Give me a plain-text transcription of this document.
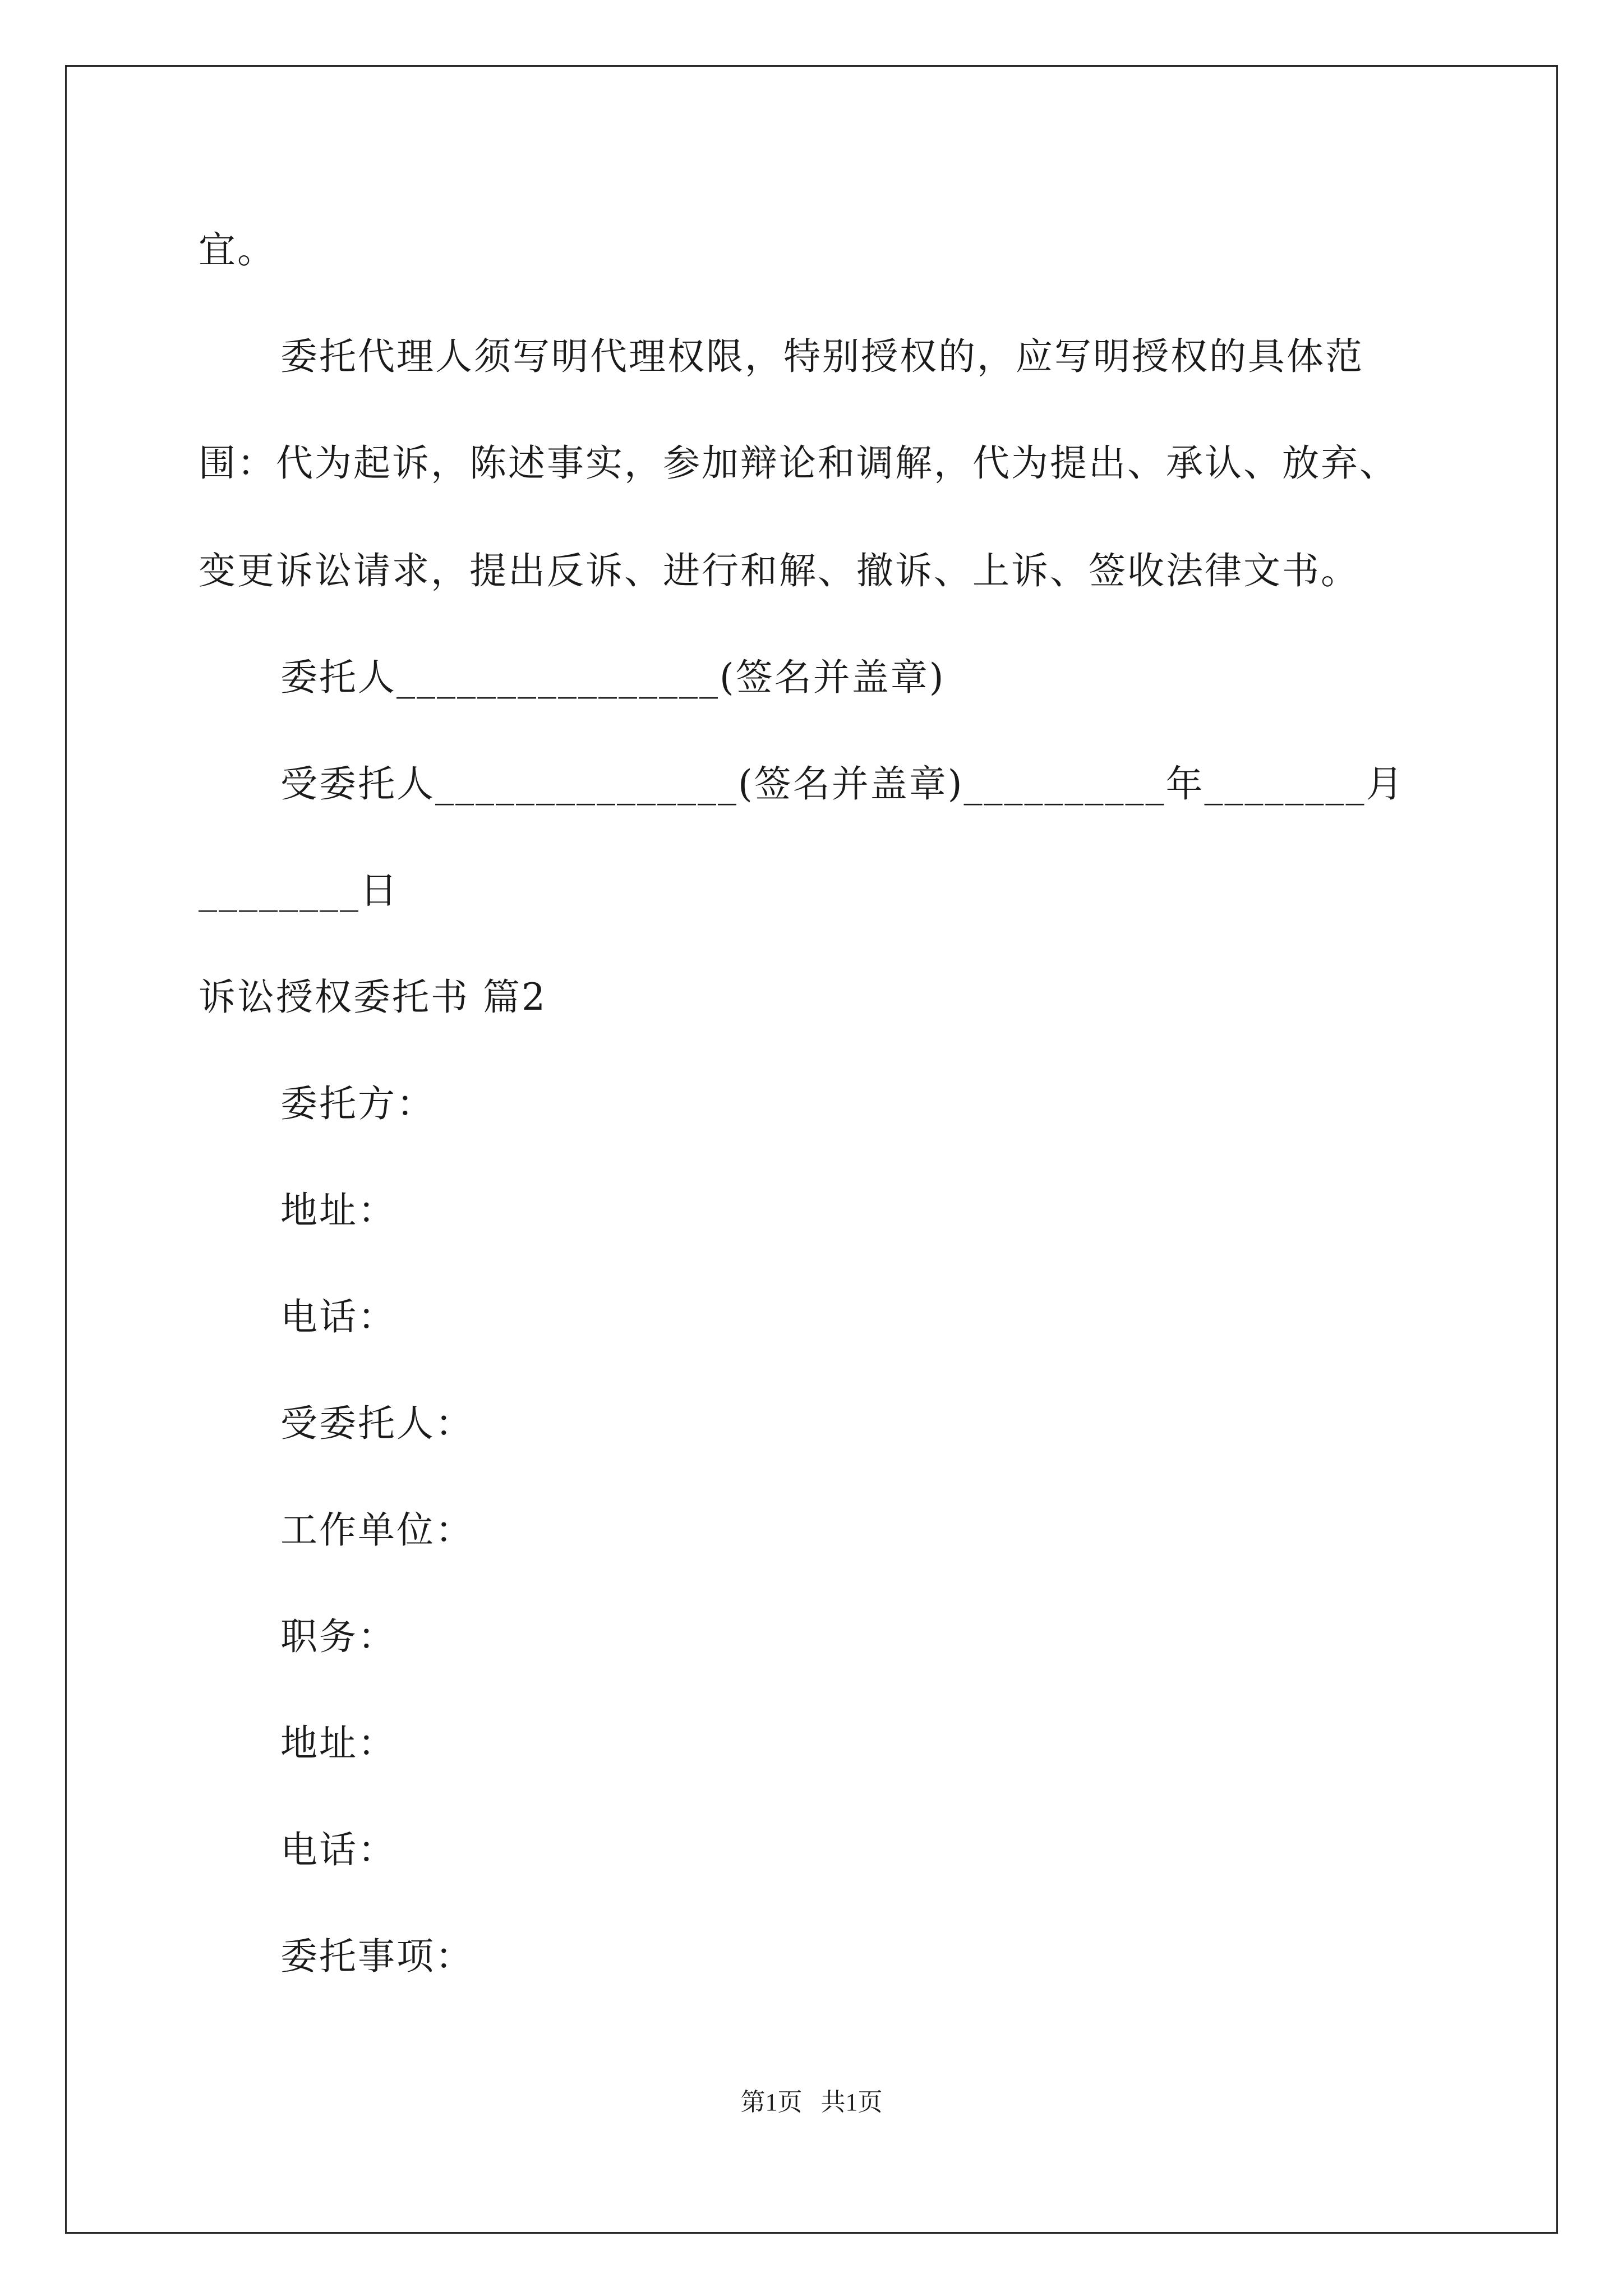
宜。
委托代理人须写明代理权限，特别授权的，应写明授权的具体范
围：代为起诉，陈述事实，参加辩论和调解，代为提出、承认、放弃、
变更诉讼请求，提出反诉、进行和解、撤诉、上诉、签收法律文书。
委托人________________(签名并盖章)
受委托人_______________(签名并盖章)__________年________月
________日
诉讼授权委托书 篇2
委托方：
地址：
电话：
受委托人：
工作单位：
职务：
地址：
电话：
委托事项：
第1页   共1页
